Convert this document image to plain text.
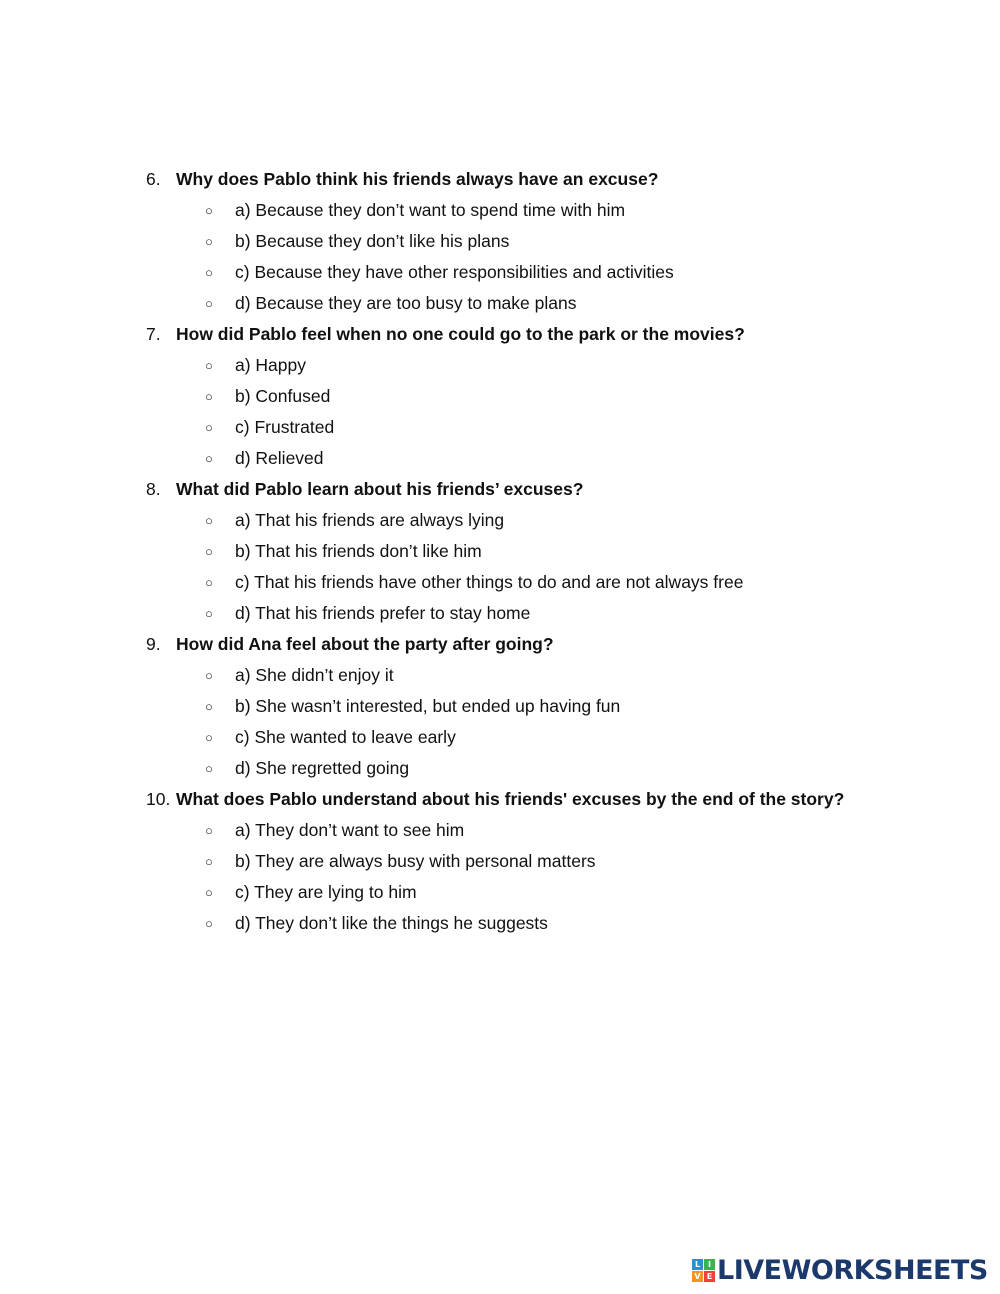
6. Why does Pablo think his friends always have an excuse?
○ a) Because they don’t want to spend time with him
○ b) Because they don’t like his plans
○ c) Because they have other responsibilities and activities
○ d) Because they are too busy to make plans
7. How did Pablo feel when no one could go to the park or the movies?
○ a) Happy
○ b) Confused
○ c) Frustrated
○ d) Relieved
8. What did Pablo learn about his friends’ excuses?
○ a) That his friends are always lying
○ b) That his friends don’t like him
○ c) That his friends have other things to do and are not always free
○ d) That his friends prefer to stay home
9. How did Ana feel about the party after going?
○ a) She didn’t enjoy it
○ b) She wasn’t interested, but ended up having fun
○ c) She wanted to leave early
○ d) She regretted going
10. What does Pablo understand about his friends' excuses by the end of the story?
○ a) They don’t want to see him
○ b) They are always busy with personal matters
○ c) They are lying to him
○ d) They don’t like the things he suggests
L I
V E LIVEWORKSHEETS
